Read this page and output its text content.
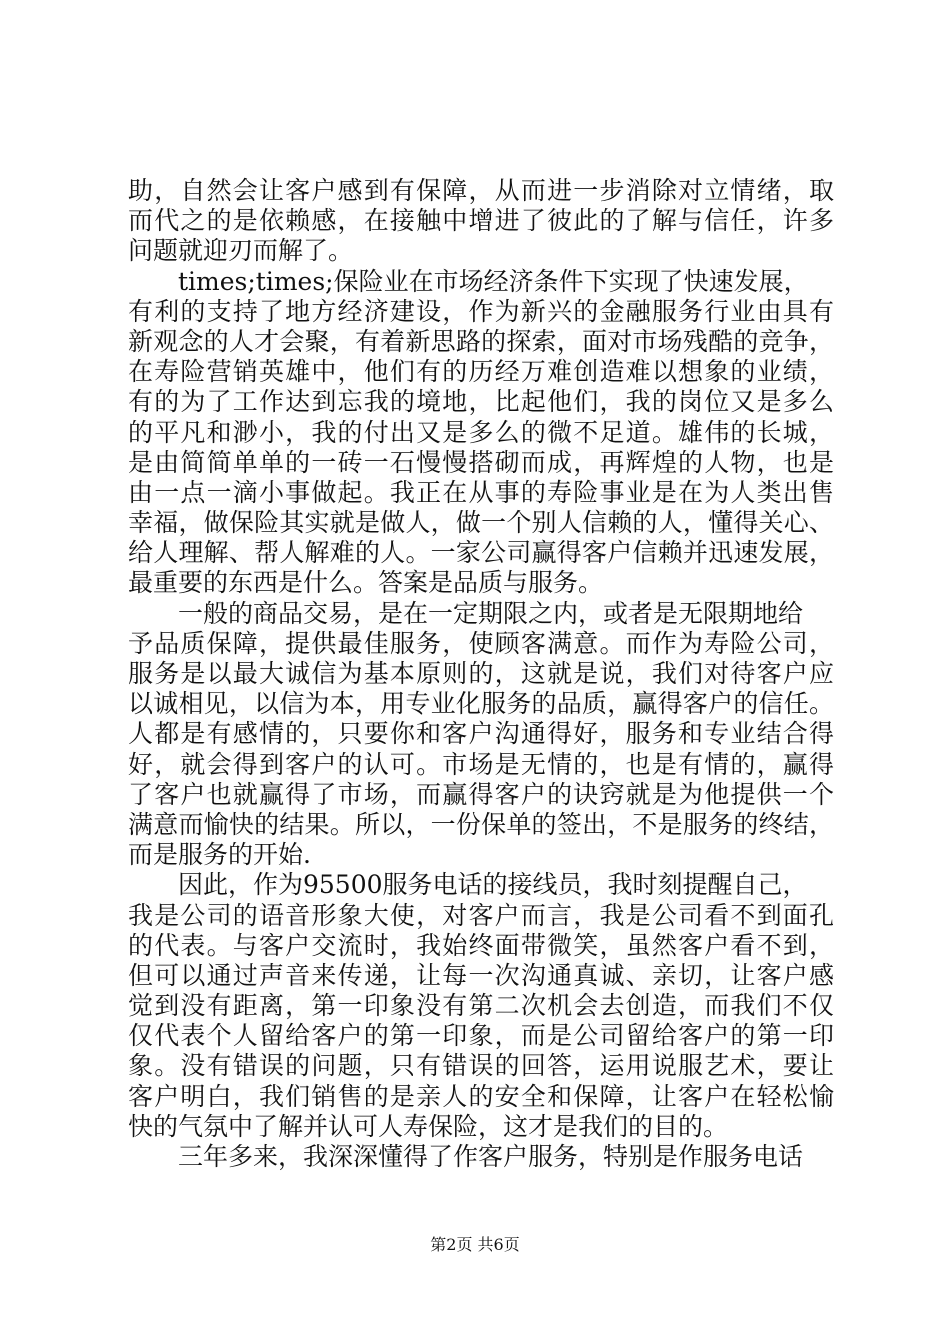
助，自然会让客户感到有保障，从而进一步消除对立情绪，取
而代之的是依赖感，在接触中增进了彼此的了解与信任，许多
问题就迎刃而解了。
　　times;times;保险业在市场经济条件下实现了快速发展，
有利的支持了地方经济建设，作为新兴的金融服务行业由具有
新观念的人才会聚，有着新思路的探索，面对市场残酷的竞争，
在寿险营销英雄中，他们有的历经万难创造难以想象的业绩，
有的为了工作达到忘我的境地，比起他们，我的岗位又是多么
的平凡和渺小，我的付出又是多么的微不足道。雄伟的长城，
是由简简单单的一砖一石慢慢搭砌而成，再辉煌的人物，也是
由一点一滴小事做起。我正在从事的寿险事业是在为人类出售
幸福，做保险其实就是做人，做一个别人信赖的人，懂得关心、
给人理解、帮人解难的人。一家公司赢得客户信赖并迅速发展，
最重要的东西是什么。答案是品质与服务。
　　一般的商品交易，是在一定期限之内，或者是无限期地给
予品质保障，提供最佳服务，使顾客满意。而作为寿险公司，
服务是以最大诚信为基本原则的，这就是说，我们对待客户应
以诚相见，以信为本，用专业化服务的品质，赢得客户的信任。
人都是有感情的，只要你和客户沟通得好，服务和专业结合得
好，就会得到客户的认可。市场是无情的，也是有情的，赢得
了客户也就赢得了市场，而赢得客户的诀窍就是为他提供一个
满意而愉快的结果。所以，一份保单的签出，不是服务的终结，
而是服务的开始.
　　因此，作为95500服务电话的接线员，我时刻提醒自己，
我是公司的语音形象大使，对客户而言，我是公司看不到面孔
的代表。与客户交流时，我始终面带微笑，虽然客户看不到，
但可以通过声音来传递，让每一次沟通真诚、亲切，让客户感
觉到没有距离，第一印象没有第二次机会去创造，而我们不仅
仅代表个人留给客户的第一印象，而是公司留给客户的第一印
象。没有错误的问题，只有错误的回答，运用说服艺术，要让
客户明白，我们销售的是亲人的安全和保障，让客户在轻松愉
快的气氛中了解并认可人寿保险，这才是我们的目的。
　　三年多来，我深深懂得了作客户服务，特别是作服务电话
第2页 共6页
